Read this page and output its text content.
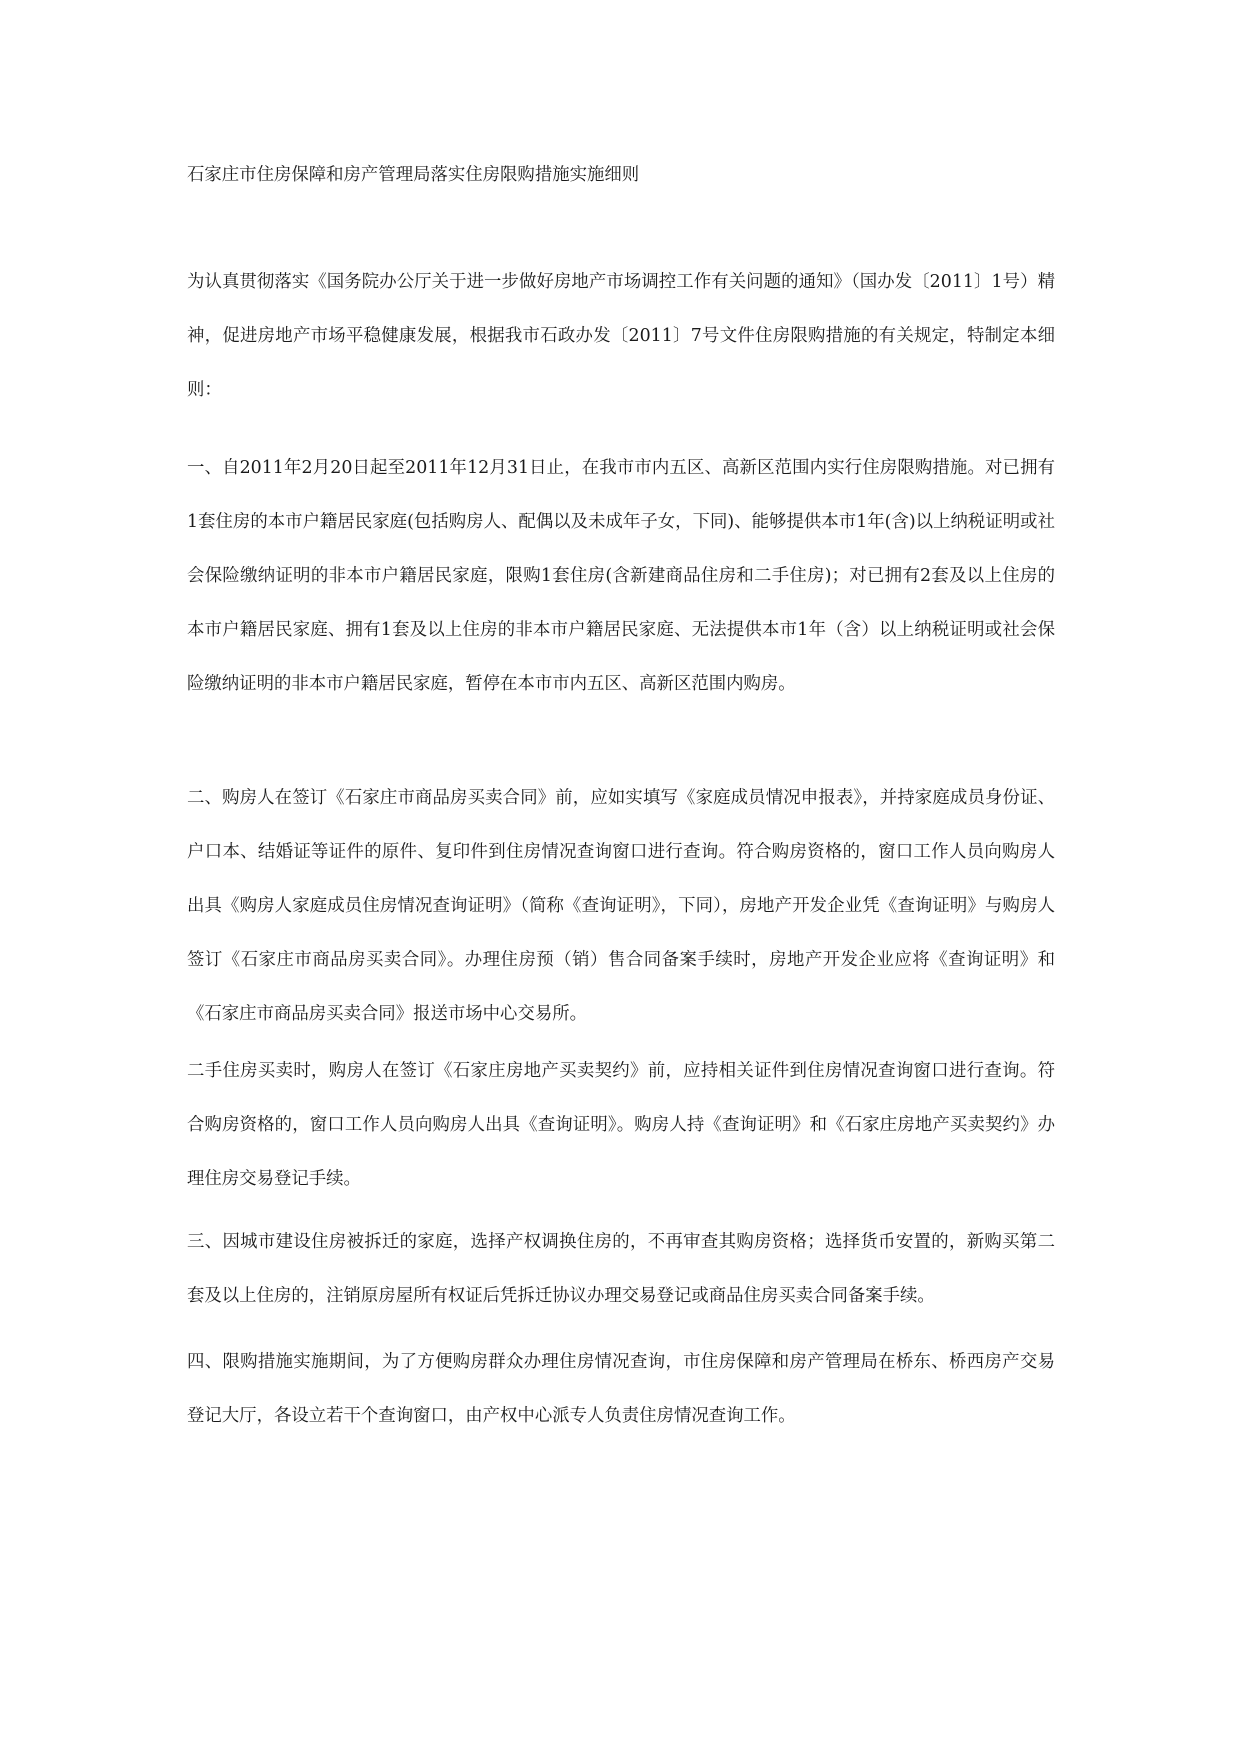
石家庄市住房保障和房产管理局落实住房限购措施实施细则

为认真贯彻落实《国务院办公厅关于进一步做好房地产市场调控工作有关问题的通知》（国办发〔2011〕1号）精神，促进房地产市场平稳健康发展，根据我市石政办发〔2011〕7号文件住房限购措施的有关规定，特制定本细则：

一、自2011年2月20日起至2011年12月31日止，在我市市内五区、高新区范围内实行住房限购措施。对已拥有1套住房的本市户籍居民家庭(包括购房人、配偶以及未成年子女，下同)、能够提供本市1年(含)以上纳税证明或社会保险缴纳证明的非本市户籍居民家庭，限购1套住房(含新建商品住房和二手住房)；对已拥有2套及以上住房的本市户籍居民家庭、拥有1套及以上住房的非本市户籍居民家庭、无法提供本市1年（含）以上纳税证明或社会保险缴纳证明的非本市户籍居民家庭，暂停在本市市内五区、高新区范围内购房。

二、购房人在签订《石家庄市商品房买卖合同》前，应如实填写《家庭成员情况申报表》，并持家庭成员身份证、户口本、结婚证等证件的原件、复印件到住房情况查询窗口进行查询。符合购房资格的，窗口工作人员向购房人出具《购房人家庭成员住房情况查询证明》（简称《查询证明》，下同），房地产开发企业凭《查询证明》与购房人签订《石家庄市商品房买卖合同》。办理住房预（销）售合同备案手续时，房地产开发企业应将《查询证明》和《石家庄市商品房买卖合同》报送市场中心交易所。

二手住房买卖时，购房人在签订《石家庄房地产买卖契约》前，应持相关证件到住房情况查询窗口进行查询。符合购房资格的，窗口工作人员向购房人出具《查询证明》。购房人持《查询证明》和《石家庄房地产买卖契约》办理住房交易登记手续。

三、因城市建设住房被拆迁的家庭，选择产权调换住房的，不再审查其购房资格；选择货币安置的，新购买第二套及以上住房的，注销原房屋所有权证后凭拆迁协议办理交易登记或商品住房买卖合同备案手续。

四、限购措施实施期间，为了方便购房群众办理住房情况查询，市住房保障和房产管理局在桥东、桥西房产交易登记大厅，各设立若干个查询窗口，由产权中心派专人负责住房情况查询工作。
